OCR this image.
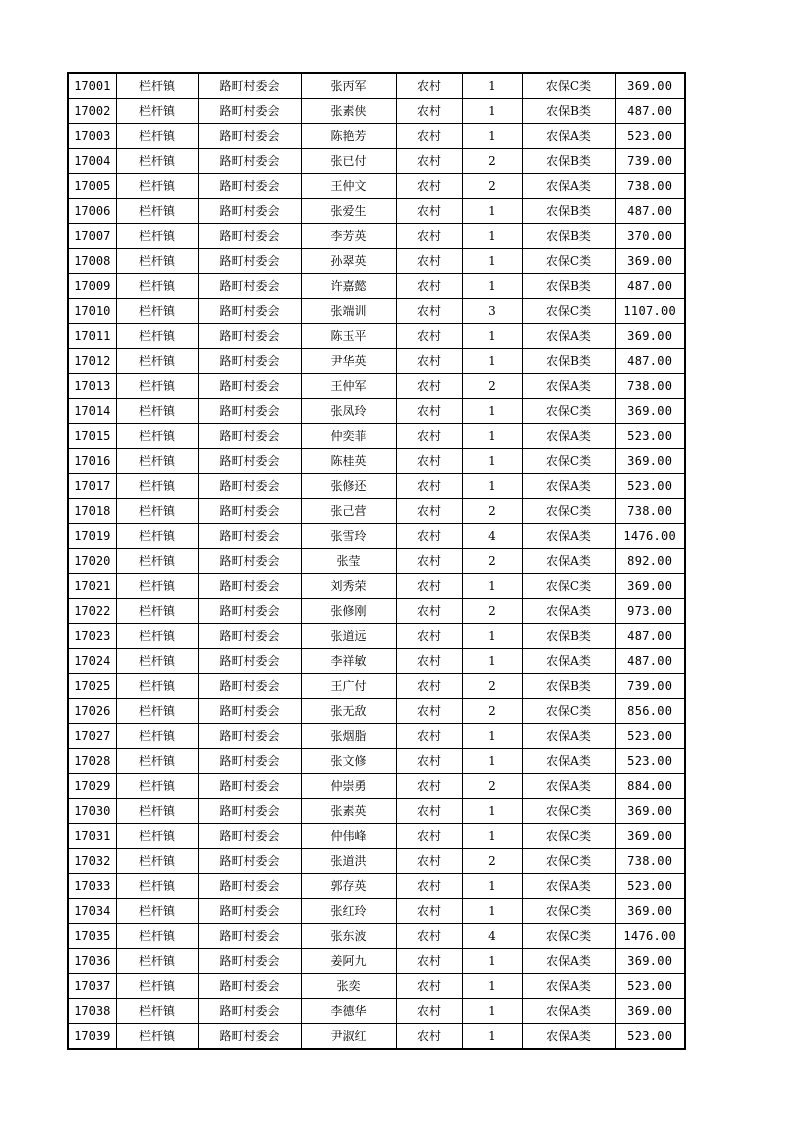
17001	栏杆镇	路町村委会	张丙军	农村	1	农保C类	369.00
17002	栏杆镇	路町村委会	张素侠	农村	1	农保B类	487.00
17003	栏杆镇	路町村委会	陈艳芳	农村	1	农保A类	523.00
17004	栏杆镇	路町村委会	张已付	农村	2	农保B类	739.00
17005	栏杆镇	路町村委会	王仲文	农村	2	农保A类	738.00
17006	栏杆镇	路町村委会	张爱生	农村	1	农保B类	487.00
17007	栏杆镇	路町村委会	李芳英	农村	1	农保B类	370.00
17008	栏杆镇	路町村委会	孙翠英	农村	1	农保C类	369.00
17009	栏杆镇	路町村委会	许嘉懿	农村	1	农保B类	487.00
17010	栏杆镇	路町村委会	张端训	农村	3	农保C类	1107.00
17011	栏杆镇	路町村委会	陈玉平	农村	1	农保A类	369.00
17012	栏杆镇	路町村委会	尹华英	农村	1	农保B类	487.00
17013	栏杆镇	路町村委会	王仲军	农村	2	农保A类	738.00
17014	栏杆镇	路町村委会	张凤玲	农村	1	农保C类	369.00
17015	栏杆镇	路町村委会	仲奕菲	农村	1	农保A类	523.00
17016	栏杆镇	路町村委会	陈桂英	农村	1	农保C类	369.00
17017	栏杆镇	路町村委会	张修还	农村	1	农保A类	523.00
17018	栏杆镇	路町村委会	张己营	农村	2	农保C类	738.00
17019	栏杆镇	路町村委会	张雪玲	农村	4	农保A类	1476.00
17020	栏杆镇	路町村委会	张莹	农村	2	农保A类	892.00
17021	栏杆镇	路町村委会	刘秀荣	农村	1	农保C类	369.00
17022	栏杆镇	路町村委会	张修刚	农村	2	农保A类	973.00
17023	栏杆镇	路町村委会	张道远	农村	1	农保B类	487.00
17024	栏杆镇	路町村委会	李祥敏	农村	1	农保A类	487.00
17025	栏杆镇	路町村委会	王广付	农村	2	农保B类	739.00
17026	栏杆镇	路町村委会	张无敌	农村	2	农保C类	856.00
17027	栏杆镇	路町村委会	张烟脂	农村	1	农保A类	523.00
17028	栏杆镇	路町村委会	张文修	农村	1	农保A类	523.00
17029	栏杆镇	路町村委会	仲崇勇	农村	2	农保A类	884.00
17030	栏杆镇	路町村委会	张素英	农村	1	农保C类	369.00
17031	栏杆镇	路町村委会	仲伟峰	农村	1	农保C类	369.00
17032	栏杆镇	路町村委会	张道洪	农村	2	农保C类	738.00
17033	栏杆镇	路町村委会	郭存英	农村	1	农保A类	523.00
17034	栏杆镇	路町村委会	张红玲	农村	1	农保C类	369.00
17035	栏杆镇	路町村委会	张东波	农村	4	农保C类	1476.00
17036	栏杆镇	路町村委会	姜阿九	农村	1	农保A类	369.00
17037	栏杆镇	路町村委会	张奕	农村	1	农保A类	523.00
17038	栏杆镇	路町村委会	李德华	农村	1	农保A类	369.00
17039	栏杆镇	路町村委会	尹淑红	农村	1	农保A类	523.00
